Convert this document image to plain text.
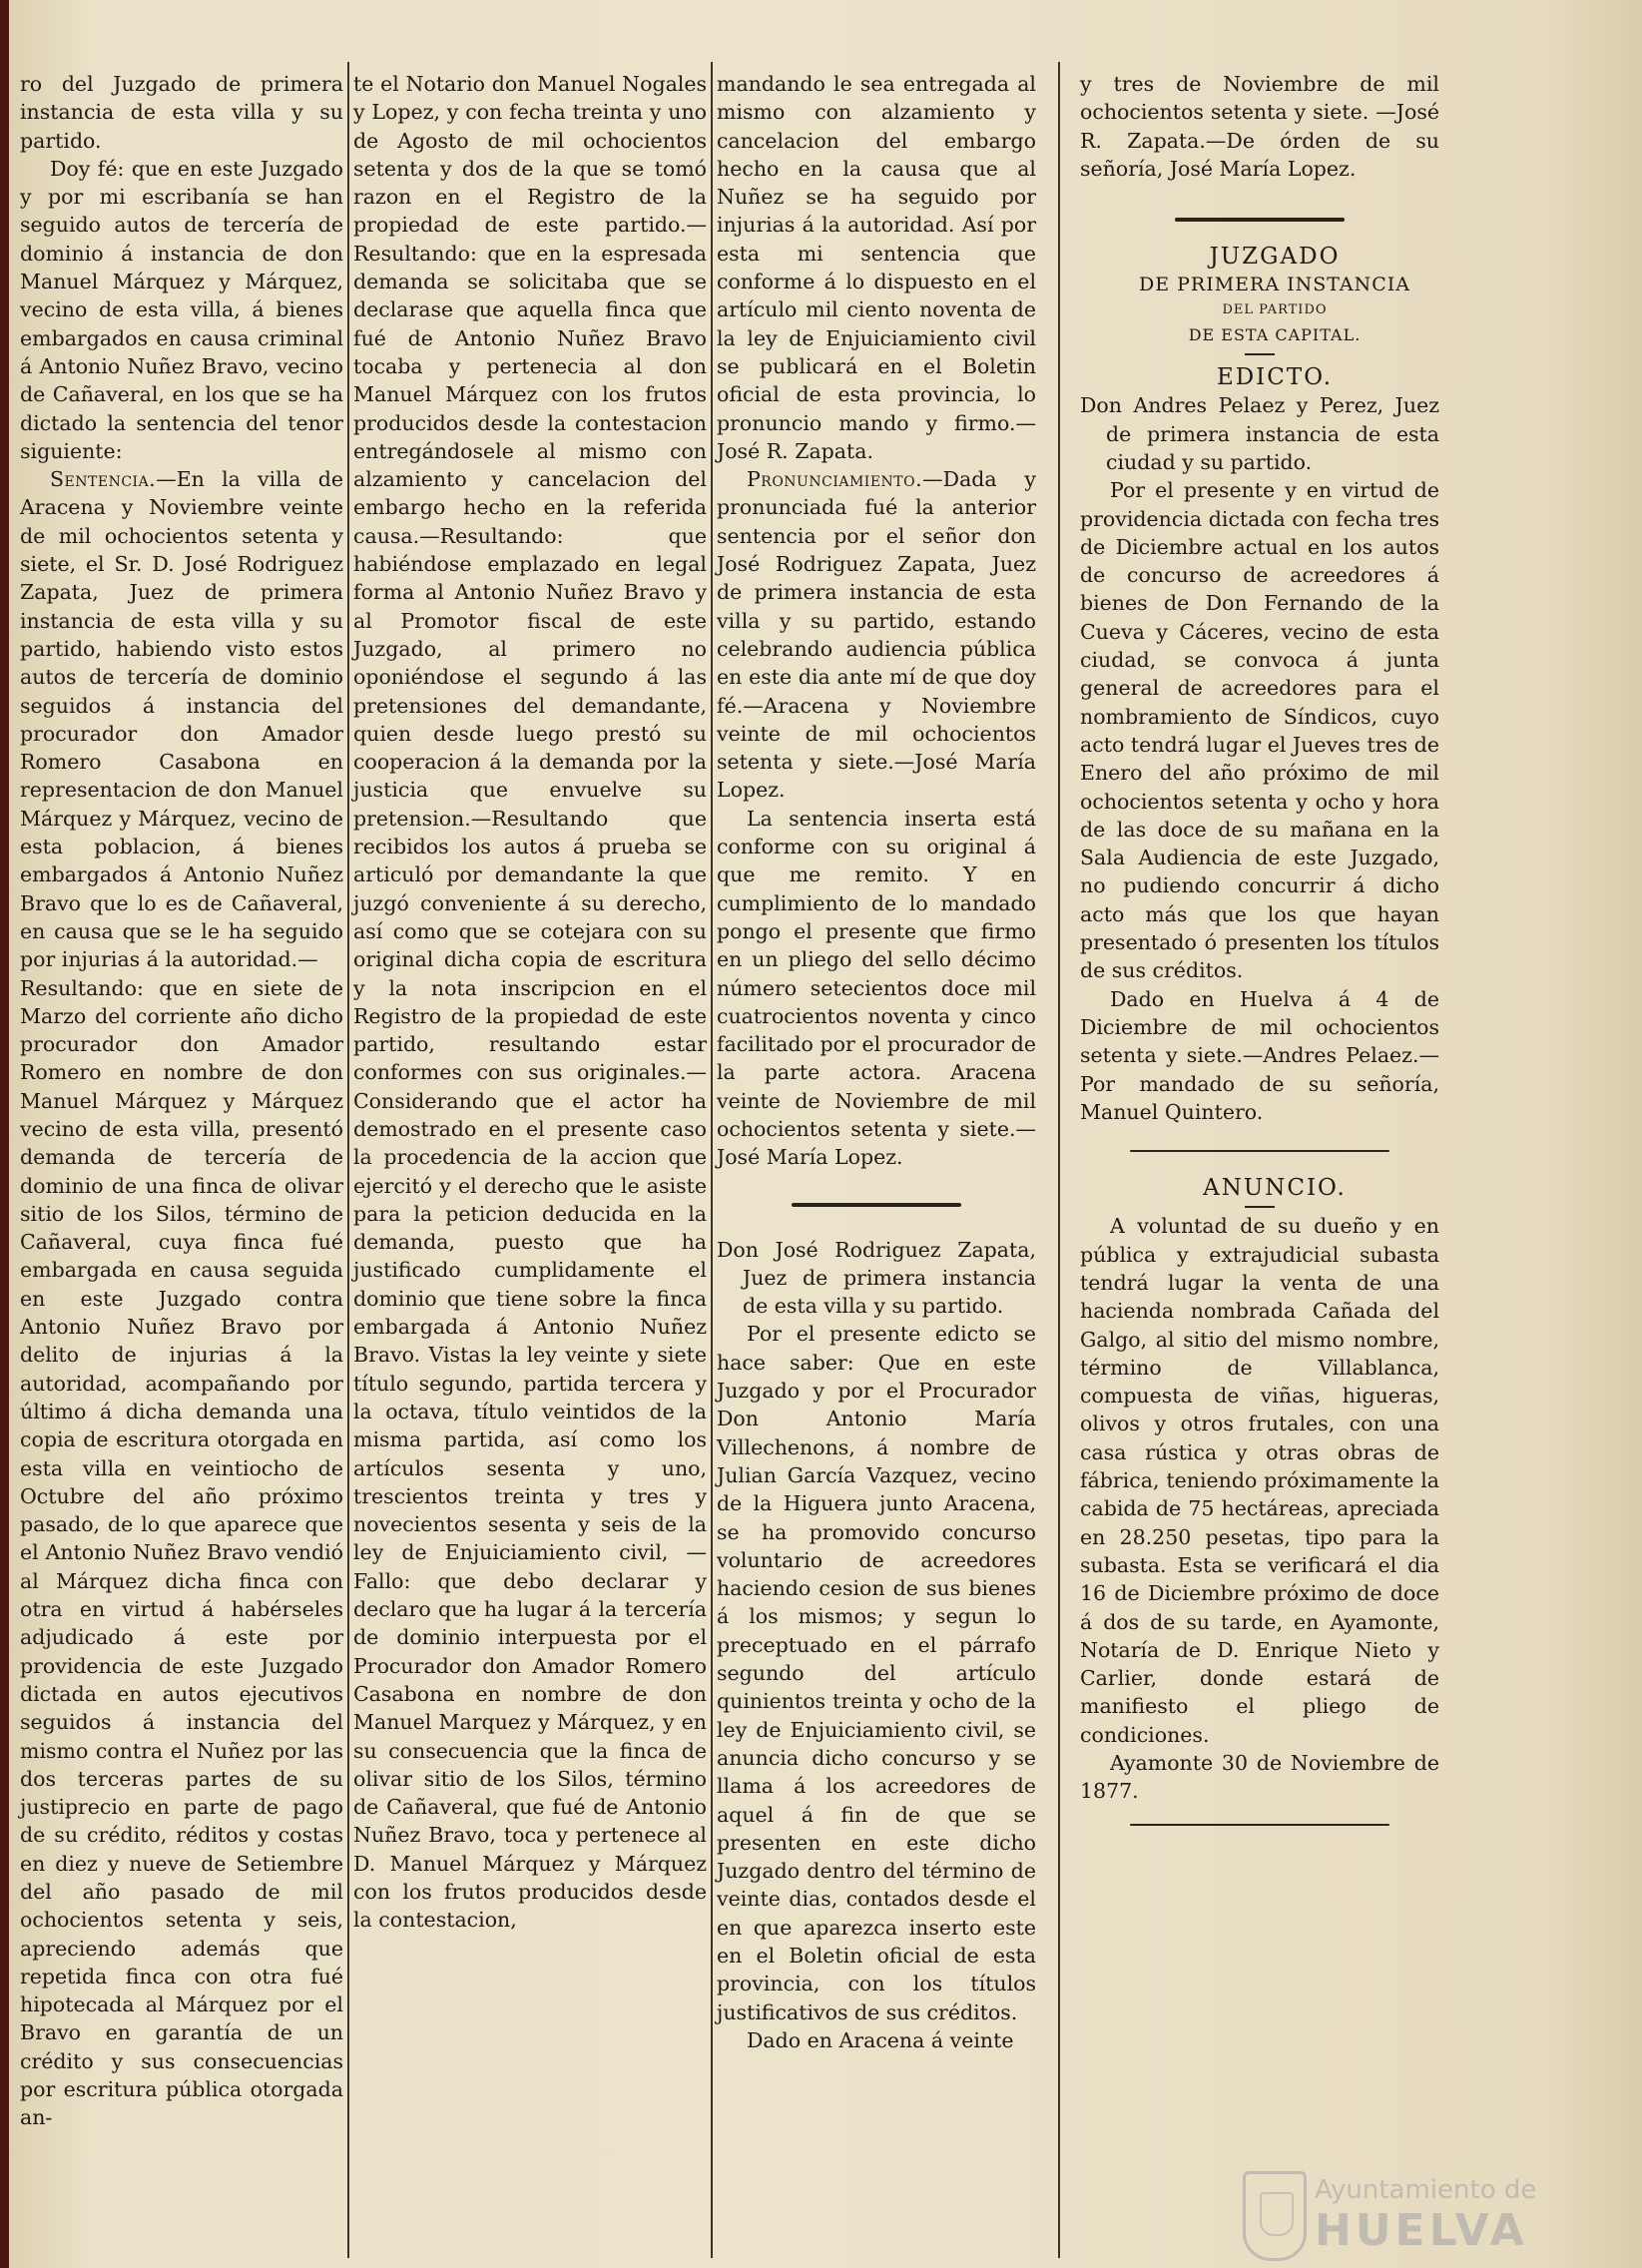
ro del Juzgado de primera instancia de esta villa y su partido.

Doy fé: que en este Juzgado y por mi escribanía se han seguido autos de tercería de dominio á instancia de don Manuel Márquez y Márquez, vecino de esta villa, á bienes embargados en causa criminal á Antonio Nuñez Bravo, vecino de Cañaveral, en los que se ha dictado la sentencia del tenor siguiente:

Sentencia.—En la villa de Aracena y Noviembre veinte de mil ochocientos setenta y siete, el Sr. D. José Rodriguez Zapata, Juez de primera instancia de esta villa y su partido, habiendo visto estos autos de tercería de dominio seguidos á instancia del procurador don Amador Romero Casabona en representacion de don Manuel Márquez y Márquez, vecino de esta poblacion, á bienes embargados á Antonio Nuñez Bravo que lo es de Cañaveral, en causa que se le ha seguido por injurias á la autoridad.—

Resultando: que en siete de Marzo del corriente año dicho procurador don Amador Romero en nombre de don Manuel Márquez y Márquez vecino de esta villa, presentó demanda de tercería de dominio de una finca de olivar sitio de los Silos, término de Cañaveral, cuya finca fué embargada en causa seguida en este Juzgado contra Antonio Nuñez Bravo por delito de injurias á la autoridad, acompañando por último á dicha demanda una copia de escritura otorgada en esta villa en veintiocho de Octubre del año próximo pasado, de lo que aparece que el Antonio Nuñez Bravo vendió al Márquez dicha finca con otra en virtud á habérseles adjudicado á este por providencia de este Juzgado dictada en autos ejecutivos seguidos á instancia del mismo contra el Nuñez por las dos terceras partes de su justiprecio en parte de pago de su crédito, réditos y costas en diez y nueve de Setiembre del año pasado de mil ochocientos setenta y seis, apreciendo además que repetida finca con otra fué hipotecada al Márquez por el Bravo en garantía de un crédito y sus consecuencias por escritura pública otorgada an-

te el Notario don Manuel Nogales y Lopez, y con fecha treinta y uno de Agosto de mil ochocientos setenta y dos de la que se tomó razon en el Registro de la propiedad de este partido.—Resultando: que en la espresada demanda se solicitaba que se declarase que aquella finca que fué de Antonio Nuñez Bravo tocaba y pertenecia al don Manuel Márquez con los frutos producidos desde la contestacion entregándosele al mismo con alzamiento y cancelacion del embargo hecho en la referida causa.—Resultando: que habiéndose emplazado en legal forma al Antonio Nuñez Bravo y al Promotor fiscal de este Juzgado, al primero no oponiéndose el segundo á las pretensiones del demandante, quien desde luego prestó su cooperacion á la demanda por la justicia que envuelve su pretension.—Resultando que recibidos los autos á prueba se articuló por demandante la que juzgó conveniente á su derecho, así como que se cotejara con su original dicha copia de escritura y la nota inscripcion en el Registro de la propiedad de este partido, resultando estar conformes con sus originales.—Considerando que el actor ha demostrado en el presente caso la procedencia de la accion que ejercitó y el derecho que le asiste para la peticion deducida en la demanda, puesto que ha justificado cumplidamente el dominio que tiene sobre la finca embargada á Antonio Nuñez Bravo. Vistas la ley veinte y siete título segundo, partida tercera y la octava, título veintidos de la misma partida, así como los artículos sesenta y uno, trescientos treinta y tres y novecientos sesenta y seis de la ley de Enjuiciamiento civil, —Fallo: que debo declarar y declaro que ha lugar á la tercería de dominio interpuesta por el Procurador don Amador Romero Casabona en nombre de don Manuel Marquez y Márquez, y en su consecuencia que la finca de olivar sitio de los Silos, término de Cañaveral, que fué de Antonio Nuñez Bravo, toca y pertenece al D. Manuel Márquez y Márquez con los frutos producidos desde la contestacion,

mandando le sea entregada al mismo con alzamiento y cancelacion del embargo hecho en la causa que al Nuñez se ha seguido por injurias á la autoridad. Así por esta mi sentencia que conforme á lo dispuesto en el artículo mil ciento noventa de la ley de Enjuiciamiento civil se publicará en el Boletin oficial de esta provincia, lo pronuncio mando y firmo.—José R. Zapata.

Pronunciamiento.—Dada y pronunciada fué la anterior sentencia por el señor don José Rodriguez Zapata, Juez de primera instancia de esta villa y su partido, estando celebrando audiencia pública en este dia ante mí de que doy fé.—Aracena y Noviembre veinte de mil ochocientos setenta y siete.—José María Lopez.

La sentencia inserta está conforme con su original á que me remito. Y en cumplimiento de lo mandado pongo el presente que firmo en un pliego del sello décimo número setecientos doce mil cuatrocientos noventa y cinco facilitado por el procurador de la parte actora. Aracena veinte de Noviembre de mil ochocientos setenta y siete.—José María Lopez.

Don José Rodriguez Zapata, Juez de primera instancia de esta villa y su partido.

Por el presente edicto se hace saber: Que en este Juzgado y por el Procurador Don Antonio María Villechenons, á nombre de Julian García Vazquez, vecino de la Higuera junto Aracena, se ha promovido concurso voluntario de acreedores haciendo cesion de sus bienes á los mismos; y segun lo preceptuado en el párrafo segundo del artículo quinientos treinta y ocho de la ley de Enjuiciamiento civil, se anuncia dicho concurso y se llama á los acreedores de aquel á fin de que se presenten en este dicho Juzgado dentro del término de veinte dias, contados desde el en que aparezca inserto este en el Boletin oficial de esta provincia, con los títulos justificativos de sus créditos.

Dado en Aracena á veinte

y tres de Noviembre de mil ochocientos setenta y siete. —José R. Zapata.—De órden de su señoría, José María Lopez.

JUZGADO

DE PRIMERA INSTANCIA

DEL PARTIDO

DE ESTA CAPITAL.

EDICTO.

Don Andres Pelaez y Perez, Juez de primera instancia de esta ciudad y su partido.

Por el presente y en virtud de providencia dictada con fecha tres de Diciembre actual en los autos de concurso de acreedores á bienes de Don Fernando de la Cueva y Cáceres, vecino de esta ciudad, se convoca á junta general de acreedores para el nombramiento de Síndicos, cuyo acto tendrá lugar el Jueves tres de Enero del año próximo de mil ochocientos setenta y ocho y hora de las doce de su mañana en la Sala Audiencia de este Juzgado, no pudiendo concurrir á dicho acto más que los que hayan presentado ó presenten los títulos de sus créditos.

Dado en Huelva á 4 de Diciembre de mil ochocientos setenta y siete.—Andres Pelaez.—Por mandado de su señoría, Manuel Quintero.

ANUNCIO.

A voluntad de su dueño y en pública y extrajudicial subasta tendrá lugar la venta de una hacienda nombrada Cañada del Galgo, al sitio del mismo nombre, término de Villablanca, compuesta de viñas, higueras, olivos y otros frutales, con una casa rústica y otras obras de fábrica, teniendo próximamente la cabida de 75 hectáreas, apreciada en 28.250 pesetas, tipo para la subasta. Esta se verificará el dia 16 de Diciembre próximo de doce á dos de su tarde, en Ayamonte, Notaría de D. Enrique Nieto y Carlier, donde estará de manifiesto el pliego de condiciones.

Ayamonte 30 de Noviembre de 1877.

Ayuntamiento de
HUELVA
